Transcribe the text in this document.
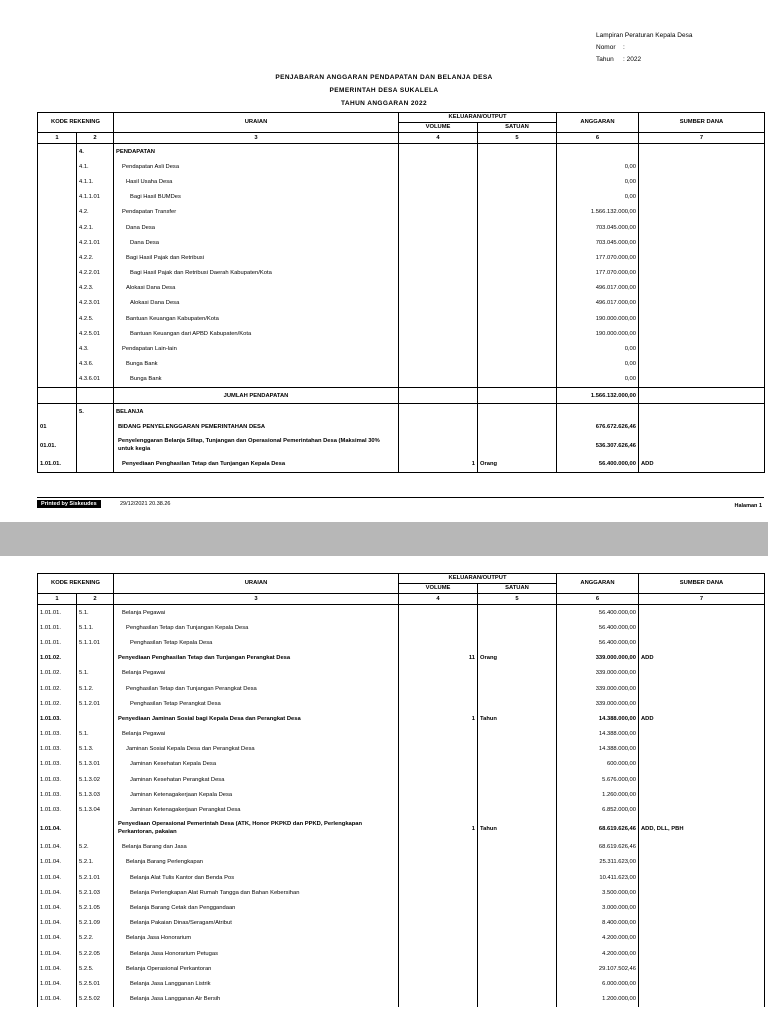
Lampiran Peraturan Kepala Desa
Nomor	:
Tahun	: 2022
PENJABARAN ANGGARAN PENDAPATAN DAN BELANJA DESA
PEMERINTAH DESA SUKALELA
TAHUN ANGGARAN 2022
KODE REKENING		URAIAN	KELUARAN/OUTPUT		ANGGARAN	SUMBER DANA
			VOLUME	SATUAN		
1	2	3	4	5	6	7
	4.	PENDAPATAN				
	4.1.	Pendapatan Asli Desa			0,00	
	4.1.1.	Hasil Usaha Desa			0,00	
	4.1.1.01	Bagi Hasil BUMDes			0,00	
	4.2.	Pendapatan Transfer			1.566.132.000,00	
	4.2.1.	Dana Desa			703.045.000,00	
	4.2.1.01	Dana Desa			703.045.000,00	
	4.2.2.	Bagi Hasil Pajak dan Retribusi			177.070.000,00	
	4.2.2.01	Bagi Hasil Pajak dan Retribusi Daerah Kabupaten/Kota			177.070.000,00	
	4.2.3.	Alokasi Dana Desa			496.017.000,00	
	4.2.3.01	Alokasi Dana Desa			496.017.000,00	
	4.2.5.	Bantuan Keuangan Kabupaten/Kota			190.000.000,00	
	4.2.5.01	Bantuan Keuangan dari APBD Kabupaten/Kota			190.000.000,00	
	4.3.	Pendapatan Lain-lain			0,00	
	4.3.6.	Bunga Bank			0,00	
	4.3.6.01	Bunga Bank			0,00	
		JUMLAH PENDAPATAN			1.566.132.000,00	
	5.	BELANJA				
01		BIDANG PENYELENGGARAN PEMERINTAHAN DESA			676.672.626,46	
01.01.		Penyelenggaran Belanja Siltap, Tunjangan dan Operasional Pemerintahan Desa (Maksimal 30% untuk kegia			536.307.626,46	
1.01.01.		Penyediaan Penghasilan Tetap dan Tunjangan Kepala Desa	1	Orang	56.400.000,00	ADD
Printed by Siskeudes	29/12/2021 20.38.26	Halaman 1
KODE REKENING		URAIAN	KELUARAN/OUTPUT		ANGGARAN	SUMBER DANA
			VOLUME	SATUAN		
1	2	3	4	5	6	7
1.01.01.	5.1.	Belanja Pegawai			56.400.000,00	
1.01.01.	5.1.1.	Penghasilan Tetap dan Tunjangan Kepala Desa			56.400.000,00	
1.01.01.	5.1.1.01	Penghasilan Tetap Kepala Desa			56.400.000,00	
1.01.02.		Penyediaan Penghasilan Tetap dan Tunjangan Perangkat Desa	11	Orang	339.000.000,00	ADD
1.01.02.	5.1.	Belanja Pegawai			339.000.000,00	
1.01.02.	5.1.2.	Penghasilan Tetap dan Tunjangan Perangkat Desa			339.000.000,00	
1.01.02.	5.1.2.01	Penghasilan Tetap Perangkat Desa			339.000.000,00	
1.01.03.		Penyediaan Jaminan Sosial bagi Kepala Desa dan Perangkat Desa	1	Tahun	14.388.000,00	ADD
1.01.03.	5.1.	Belanja Pegawai			14.388.000,00	
1.01.03.	5.1.3.	Jaminan Sosial Kepala Desa dan Perangkat Desa			14.388.000,00	
1.01.03.	5.1.3.01	Jaminan Kesehatan Kepala Desa			600.000,00	
1.01.03.	5.1.3.02	Jaminan Kesehatan Perangkat Desa			5.676.000,00	
1.01.03.	5.1.3.03	Jaminan Ketenagakerjaan Kepala Desa			1.260.000,00	
1.01.03.	5.1.3.04	Jaminan Ketenagakerjaan Perangkat Desa			6.852.000,00	
1.01.04.		Penyediaan Operasional Pemerintah Desa (ATK, Honor PKPKD dan PPKD, Perlengkapan Perkantoran, pakaian	1	Tahun	68.619.626,46	ADD, DLL, PBH
1.01.04.	5.2.	Belanja Barang dan Jasa			68.619.626,46	
1.01.04.	5.2.1.	Belanja Barang Perlengkapan			25.311.623,00	
1.01.04.	5.2.1.01	Belanja Alat Tulis Kantor dan Benda Pos			10.411.623,00	
1.01.04.	5.2.1.03	Belanja Perlengkapan Alat Rumah Tangga dan Bahan Kebersihan			3.500.000,00	
1.01.04.	5.2.1.05	Belanja Barang Cetak dan Penggandaan			3.000.000,00	
1.01.04.	5.2.1.09	Belanja Pakaian Dinas/Seragam/Atribut			8.400.000,00	
1.01.04.	5.2.2.	Belanja Jasa Honorarium			4.200.000,00	
1.01.04.	5.2.2.05	Belanja Jasa Honorarium Petugas			4.200.000,00	
1.01.04.	5.2.5.	Belanja Operasional Perkantoran			29.107.502,46	
1.01.04.	5.2.5.01	Belanja Jasa Langganan Listrik			6.000.000,00	
1.01.04.	5.2.5.02	Belanja Jasa Langganan Air Bersih			1.200.000,00	
